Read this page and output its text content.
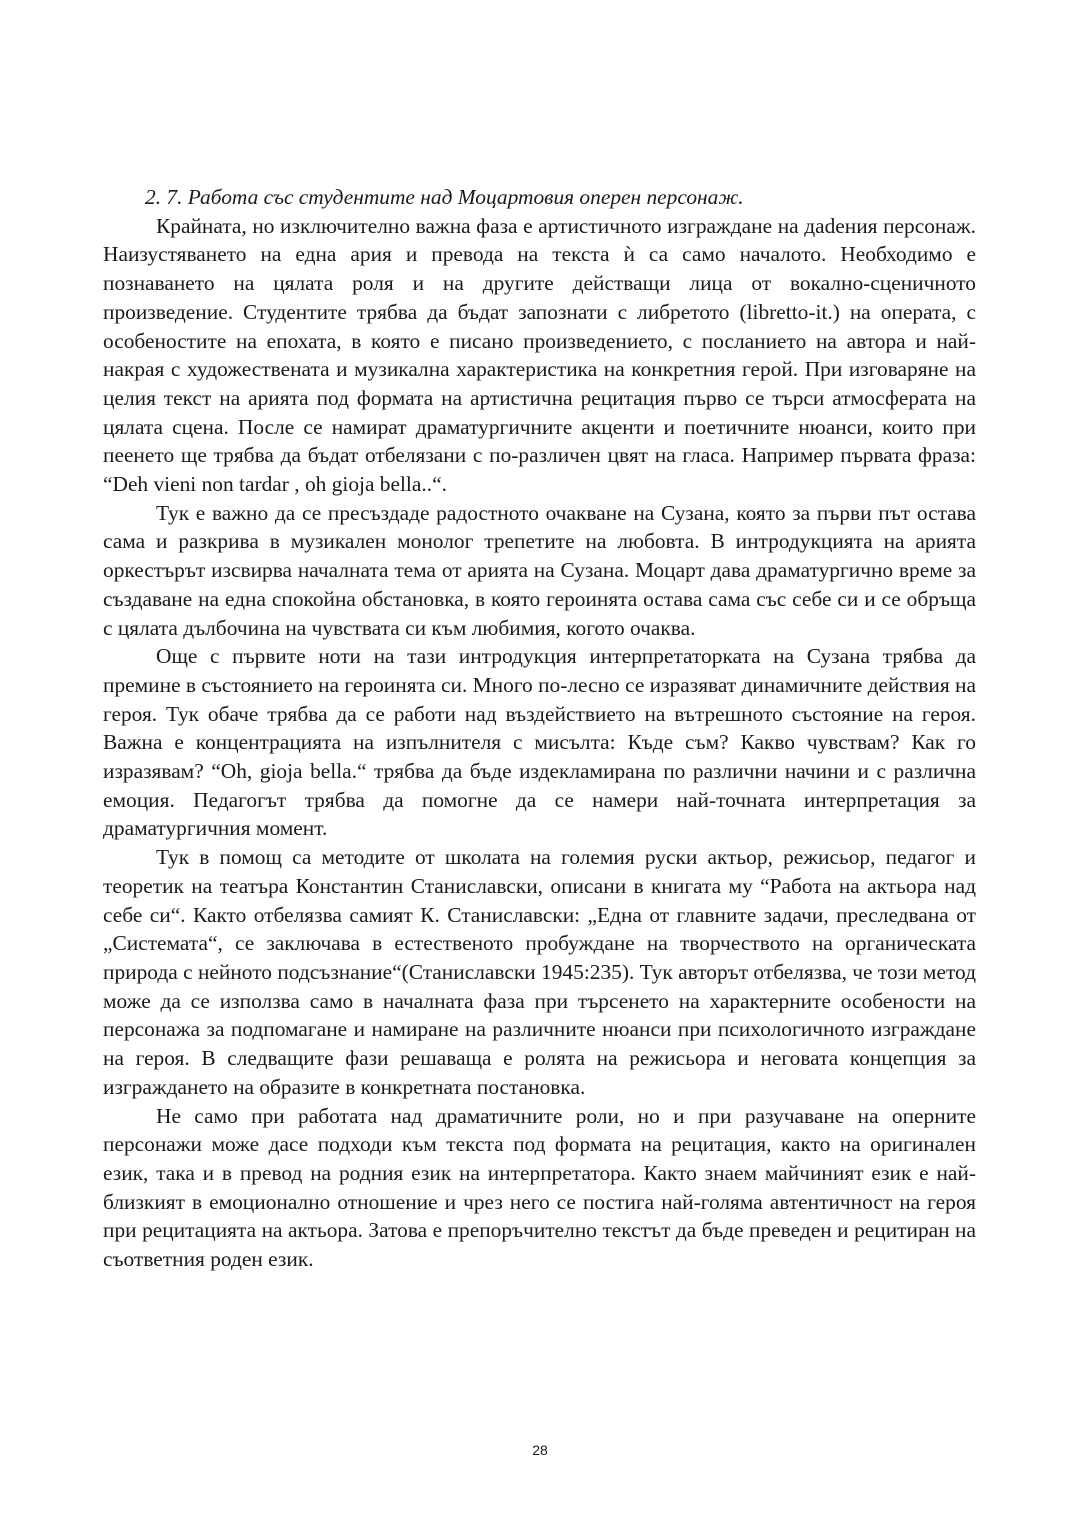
2. 7. Работа със студентите над Моцартовия оперен персонаж.

Крайната, но изключително важна фаза е артистичното изграждане на даdения персонаж. Наизустяването на една ария и превода на текста ѝ са само началото. Необходимо е познаването на цялата роля и на другите действащи лица от вокално-сценичното произведение. Студентите трябва да бъдат запознати с либретото (libretto-it.) на операта, с особеностите на епохата, в която е писано произведението, с посланието на автора и най-накрая с художествената и музикална характеристика на конкретния герой. При изговаряне на целия текст на арията под формата на артистична рецитация първо се търси атмосферата на цялата сцена. После се намират драматургичните акценти и поетичните нюанси, които при пеенето ще трябва да бъдат отбелязани с по-различен цвят на гласа. Например първата фраза: “Deh vieni non tardar , oh gioja bella..“.

Тук е важно да се пресъздаде радостното очакване на Сузана, която за първи път остава сама и разкрива в музикален монолог трепетите на любовта. В интродукцията на арията оркестърът изсвирва началната тема от арията на Сузана. Моцарт дава драматургично време за създаване на една спокойна обстановка, в която героинята остава сама със себе си и се обръща с цялата дълбочина на чувствата си към любимия, когото очаква.

Още с първите ноти на тази интродукция интерпретаторката на Сузана трябва да премине в състоянието на героинята си. Много по-лесно се изразяват динамичните действия на героя. Тук обаче трябва да се работи над въздействието на вътрешното състояние на героя. Важна е концентрацията на изпълнителя с мисълта: Къде съм? Какво чувствам? Как го изразявам? “Oh, gioja bella.“ трябва да бъде издекламирана по различни начини и с различна емоция. Педагогът трябва да помогне да се намери най-точната интерпретация за драматургичния момент.

Тук в помощ са методите от школата на големия руски актьор, режисьор, педагог и теоретик на театъра Константин Станиславски, описани в книгата му “Работа на актьора над себе си“. Както отбелязва самият К. Станиславски: „Една от главните задачи, преследвана от „Системата“, се заключава в естественото пробуждане на творчеството на органическата природа с нейното подсъзнание“(Станиславски 1945:235). Тук авторът отбелязва, че този метод може да се използва само в началната фаза при търсенето на характерните особености на персонажа за подпомагане и намиране на различните нюанси при психологичното изграждане на героя. В следващите фази решаваща е ролята на режисьора и неговата концепция за изграждането на образите в конкретната постановка.

Не само при работата над драматичните роли, но и при разучаване на оперните персонажи може дасе подходи към текста под формата на рецитация, както на оригинален език, така и в превод на родния език на интерпретатора. Както знаем майчиният език е най-близкият в емоционално отношение и чрез него се постига най-голяма автентичност на героя при рецитацията на актьора. Затова е препоръчително текстът да бъде преведен и рецитиран на съответния роден език.

28
